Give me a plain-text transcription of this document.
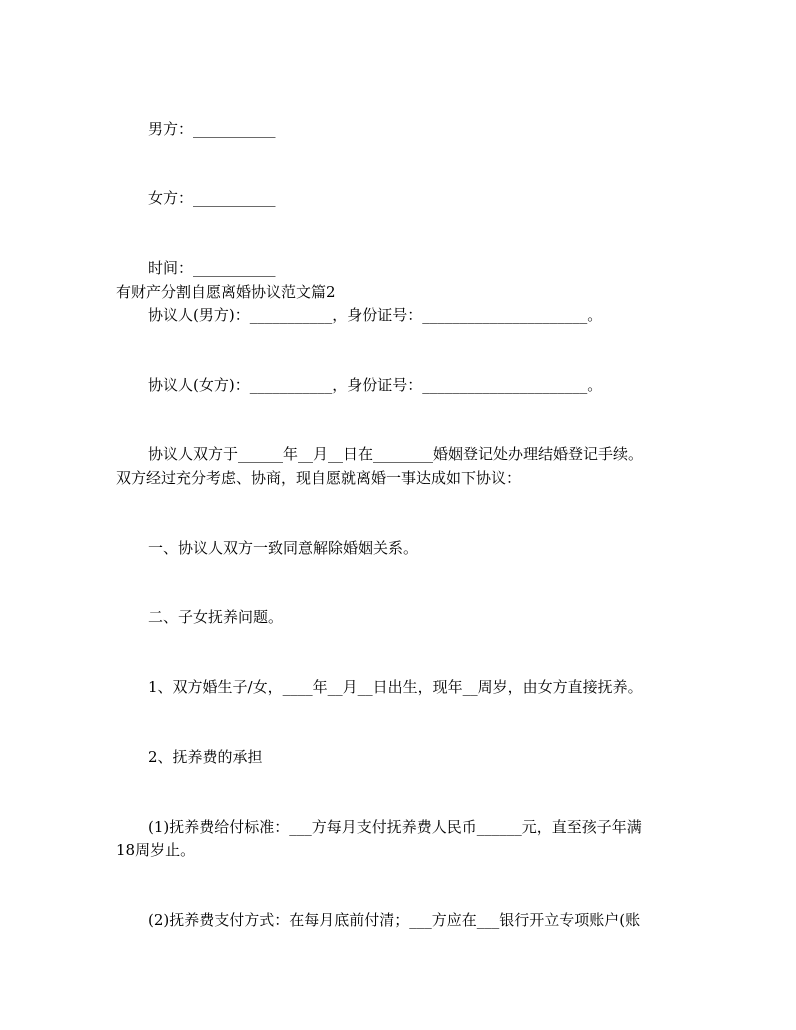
男方：___________
女方：___________
时间：___________
有财产分割自愿离婚协议范文篇2
协议人(男方)：___________，身份证号：______________________。
协议人(女方)：___________，身份证号：______________________。
协议人双方于______年__月__日在________婚姻登记处办理结婚登记手续。
双方经过充分考虑、协商，现自愿就离婚一事达成如下协议：
一、协议人双方一致同意解除婚姻关系。
二、子女抚养问题。
1、双方婚生子/女，____年__月__日出生，现年__周岁，由女方直接抚养。
2、抚养费的承担
(1)抚养费给付标准：___方每月支付抚养费人民币______元，直至孩子年满
18周岁止。
(2)抚养费支付方式：在每月底前付清；___方应在___银行开立专项账户(账
